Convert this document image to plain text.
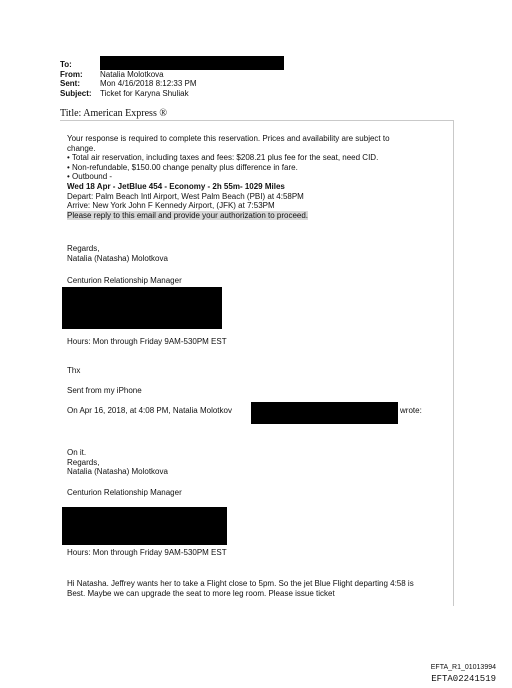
To:
From:	Natalia Molotkova
Sent:	Mon 4/16/2018 8:12:33 PM
Subject:	Ticket for Karyna Shuliak
Title: American Express ®
Your response is required to complete this reservation. Prices and availability are subject to
change.
• Total air reservation, including taxes and fees: $208.21 plus fee for the seat, need CID.
• Non-refundable, $150.00 change penalty plus difference in fare.
• Outbound -
Wed 18 Apr - JetBlue 454 - Economy - 2h 55m- 1029 Miles
Depart: Palm Beach Intl Airport, West Palm Beach (PBI) at 4:58PM
Arrive: New York John F Kennedy Airport, (JFK) at 7:53PM
Please reply to this email and provide your authorization to proceed.
Regards,
Natalia (Natasha) Molotkova
Centurion Relationship Manager
Hours: Mon through Friday 9AM-530PM EST
Thx
Sent from my iPhone
On Apr 16, 2018, at 4:08 PM, Natalia Molotkov	wrote:
On it.
Regards,
Natalia (Natasha) Molotkova
Centurion Relationship Manager
Hours: Mon through Friday 9AM-530PM EST
Hi Natasha. Jeffrey wants her to take a Flight close to 5pm. So the jet Blue Flight departing 4:58 is
Best. Maybe we can upgrade the seat to more leg room. Please issue ticket
EFTA_R1_01013994
EFTA02241519
